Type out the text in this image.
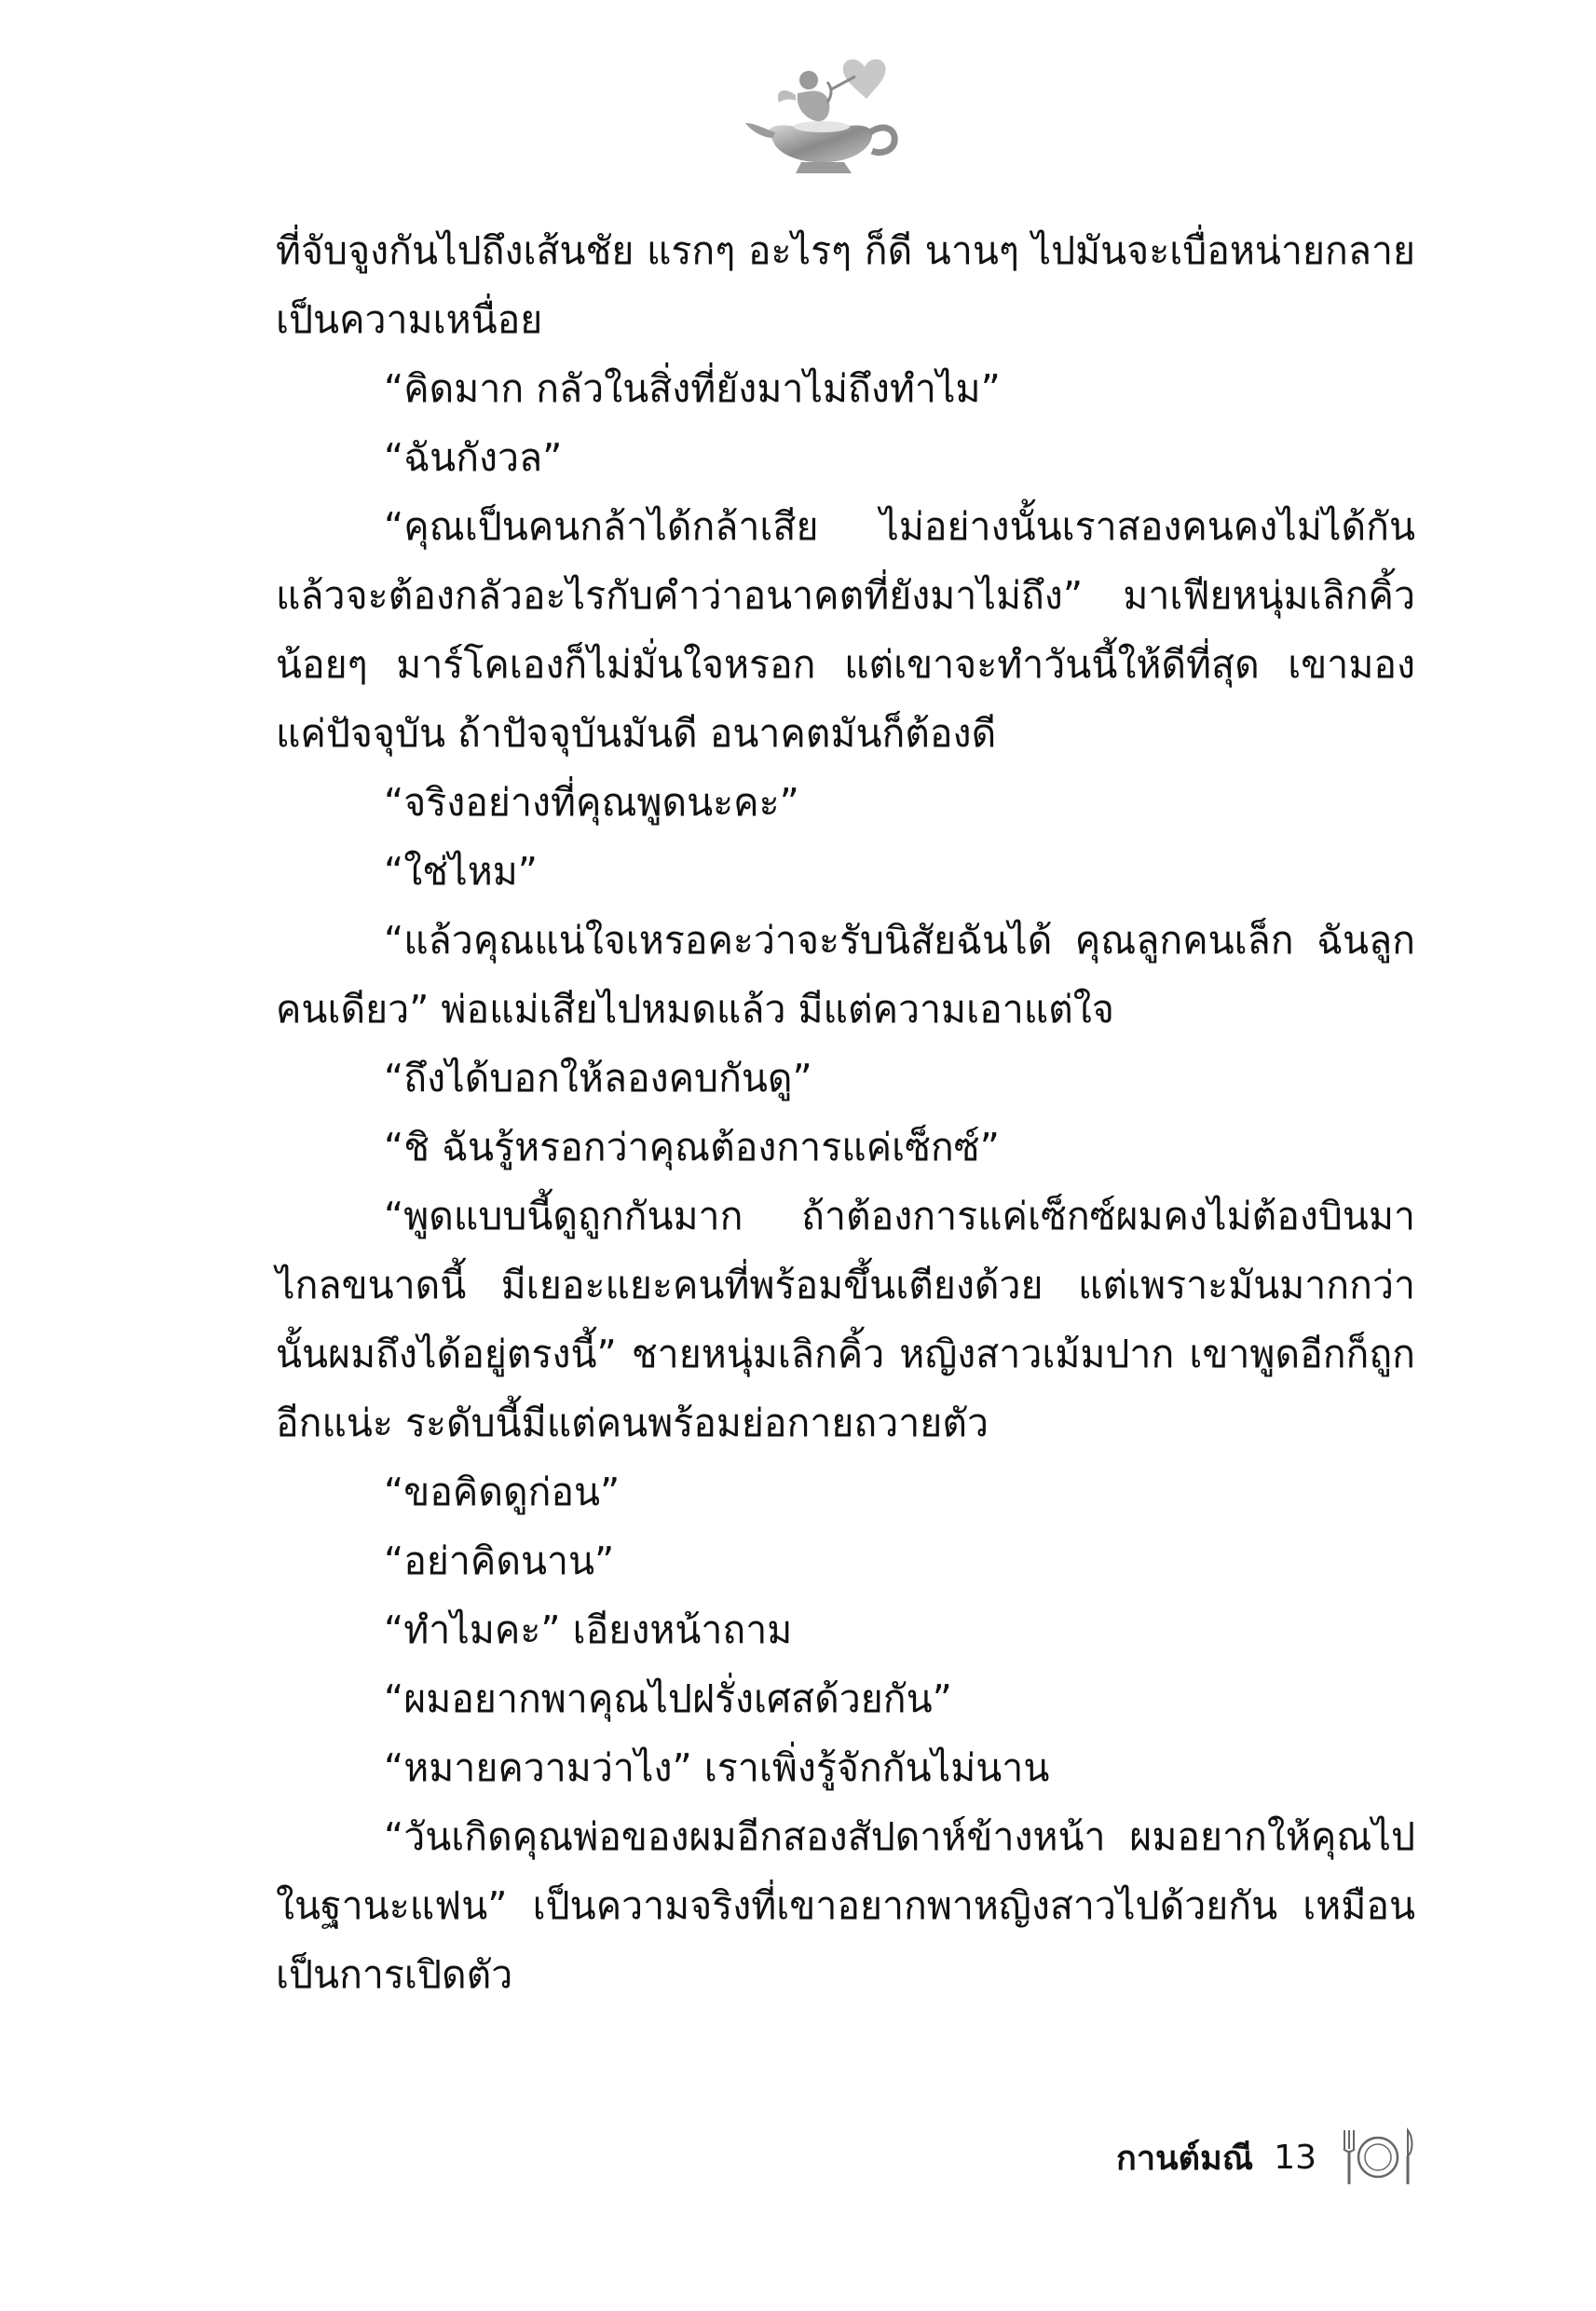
ที่จับจูงกันไปถึงเส้นชัย แรกๆ อะไรๆ ก็ดี นานๆ ไปมันจะเบื่อหน่ายกลายเป็นความเหนื่อย

“คิดมาก กลัวในสิ่งที่ยังมาไม่ถึงทำไม”

“ฉันกังวล”

“คุณเป็นคนกล้าได้กล้าเสีย ไม่อย่างนั้นเราสองคนคงไม่ได้กันแล้วจะต้องกลัวอะไรกับคำว่าอนาคตที่ยังมาไม่ถึง” มาเฟียหนุ่มเลิกคิ้วน้อยๆ มาร์โคเองก็ไม่มั่นใจหรอก แต่เขาจะทำวันนี้ให้ดีที่สุด เขามองแค่ปัจจุบัน ถ้าปัจจุบันมันดี อนาคตมันก็ต้องดี

“จริงอย่างที่คุณพูดนะคะ”

“ใช่ไหม”

“แล้วคุณแน่ใจเหรอคะว่าจะรับนิสัยฉันได้ คุณลูกคนเล็ก ฉันลูกคนเดียว” พ่อแม่เสียไปหมดแล้ว มีแต่ความเอาแต่ใจ

“ถึงได้บอกให้ลองคบกันดู”

“ชิ ฉันรู้หรอกว่าคุณต้องการแค่เซ็กซ์”

“พูดแบบนี้ดูถูกกันมาก ถ้าต้องการแค่เซ็กซ์ผมคงไม่ต้องบินมาไกลขนาดนี้ มีเยอะแยะคนที่พร้อมขึ้นเตียงด้วย แต่เพราะมันมากกว่านั้นผมถึงได้อยู่ตรงนี้” ชายหนุ่มเลิกคิ้ว หญิงสาวเม้มปาก เขาพูดอีกก็ถูกอีกแน่ะ ระดับนี้มีแต่คนพร้อมย่อกายถวายตัว

“ขอคิดดูก่อน”

“อย่าคิดนาน”

“ทำไมคะ” เอียงหน้าถาม

“ผมอยากพาคุณไปฝรั่งเศสด้วยกัน”

“หมายความว่าไง” เราเพิ่งรู้จักกันไม่นาน

“วันเกิดคุณพ่อของผมอีกสองสัปดาห์ข้างหน้า ผมอยากให้คุณไปในฐานะแฟน” เป็นความจริงที่เขาอยากพาหญิงสาวไปด้วยกัน เหมือนเป็นการเปิดตัว

กานต์มณี 13
